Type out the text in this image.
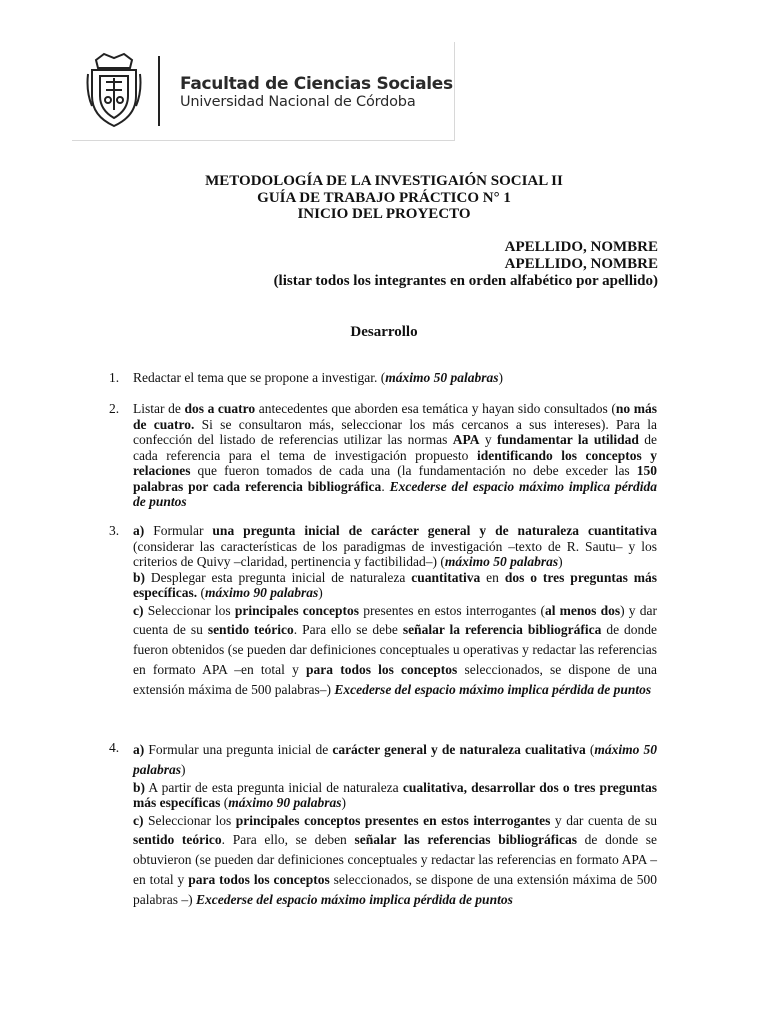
Facultad de Ciencias Sociales
Universidad Nacional de Córdoba
METODOLOGÍA DE LA INVESTIGAIÓN SOCIAL II
GUÍA DE TRABAJO PRÁCTICO N° 1
INICIO DEL PROYECTO
APELLIDO, NOMBRE
APELLIDO, NOMBRE
(listar todos los integrantes en orden alfabético por apellido)
Desarrollo
1.	Redactar el tema que se propone a investigar. (máximo 50 palabras)
2.	Listar de dos a cuatro antecedentes que aborden esa temática y hayan sido consultados (no más de cuatro. Si se consultaron más, seleccionar los más cercanos a sus intereses). Para la confección del listado de referencias utilizar las normas APA y fundamentar la utilidad de cada referencia para el tema de investigación propuesto identificando los conceptos y relaciones que fueron tomados de cada una (la fundamentación no debe exceder las 150 palabras por cada referencia bibliográfica. Excederse del espacio máximo implica pérdida de puntos
3.	a) Formular una pregunta inicial de carácter general y de naturaleza cuantitativa (considerar las características de los paradigmas de investigación –texto de R. Sautu– y los criterios de Quivy –claridad, pertinencia y factibilidad–) (máximo 50 palabras)

b) Desplegar esta pregunta inicial de naturaleza cuantitativa en dos o tres preguntas más específicas. (máximo 90 palabras)

c) Seleccionar los principales conceptos presentes en estos interrogantes (al menos dos) y dar cuenta de su sentido teórico. Para ello se debe señalar la referencia bibliográfica de donde fueron obtenidos (se pueden dar definiciones conceptuales u operativas y redactar las referencias en formato APA –en total y para todos los conceptos seleccionados, se dispone de una extensión máxima de 500 palabras–) Excederse del espacio máximo implica pérdida de puntos

4.	a) Formular una pregunta inicial de carácter general y de naturaleza cualitativa (máximo 50 palabras)

b) A partir de esta pregunta inicial de naturaleza cualitativa, desarrollar dos o tres preguntas más específicas (máximo 90 palabras)

c) Seleccionar los principales conceptos presentes en estos interrogantes y dar cuenta de su sentido teórico. Para ello, se deben señalar las referencias bibliográficas de donde se obtuvieron (se pueden dar definiciones conceptuales y redactar las referencias en formato APA – en total y para todos los conceptos seleccionados, se dispone de una extensión máxima de 500 palabras –) Excederse del espacio máximo implica pérdida de puntos
